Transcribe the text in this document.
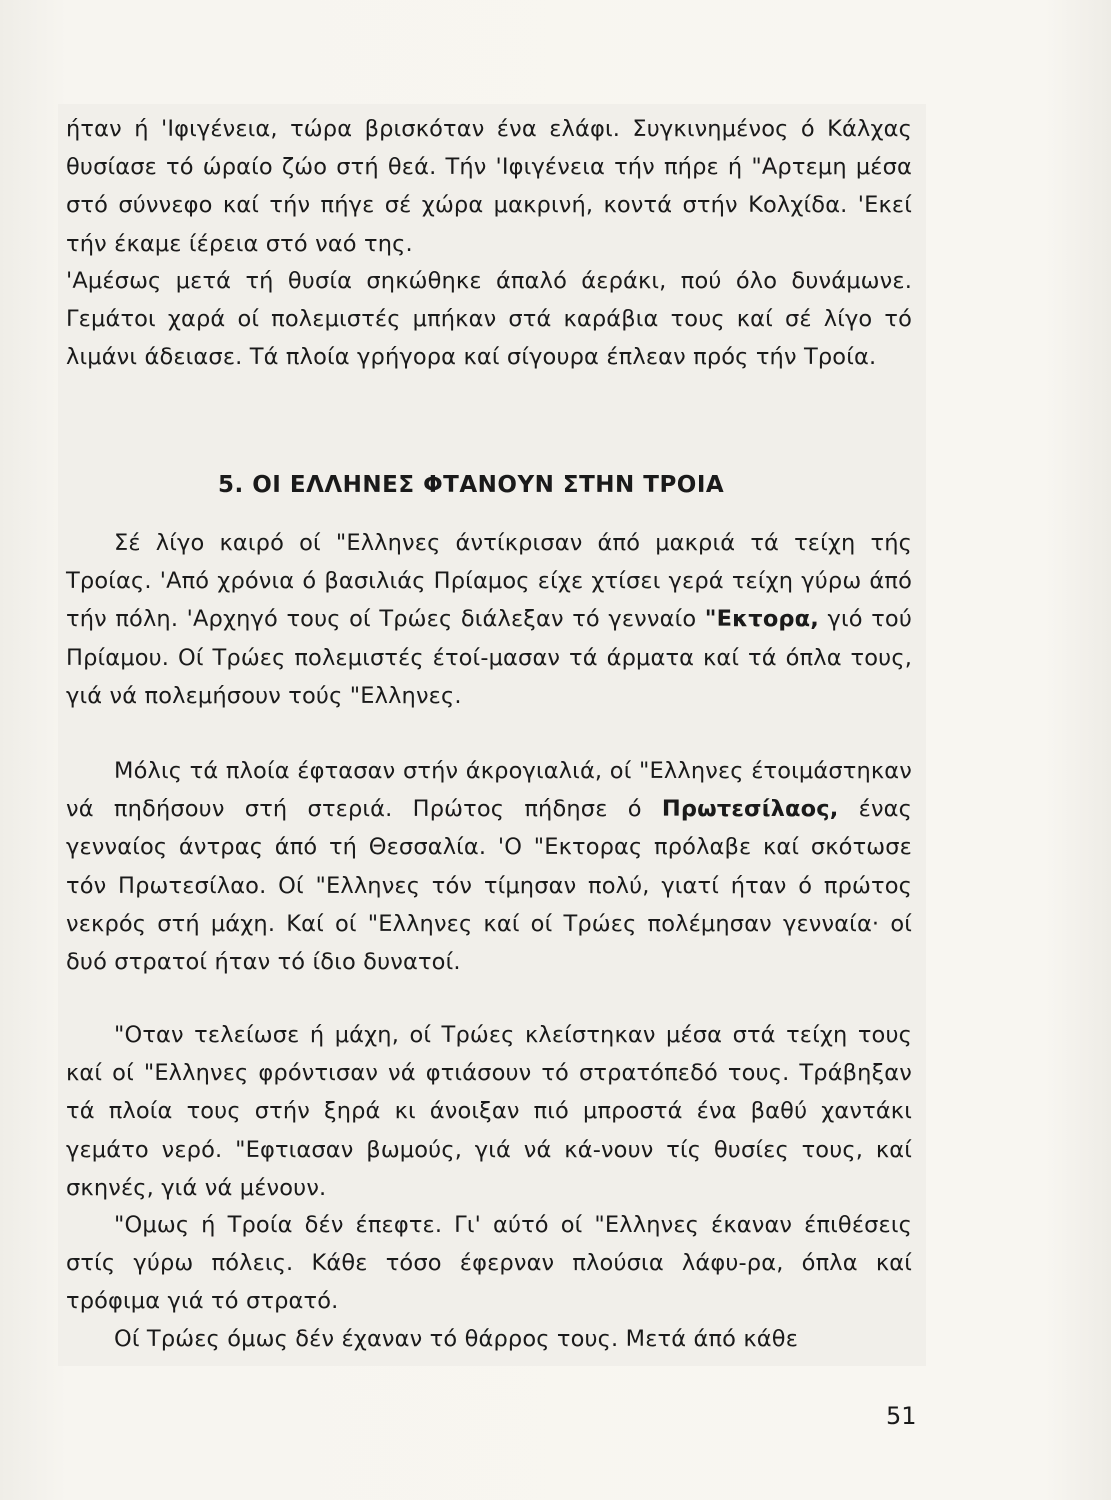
ήταν ή 'Ιφιγένεια, τώρα βρισκόταν ένα ελάφι. Συγκινημένος ό Κάλχας θυσίασε τό ώραίο ζώο στή θεά. Τήν 'Ιφιγένεια τήν πήρε ή "Αρτεμη μέσα στό σύννεφο καί τήν πήγε σέ χώρα μακρινή, κοντά στήν Κολχίδα. 'Εκεί τήν έκαμε ίέρεια στό ναό της.

'Αμέσως μετά τή θυσία σηκώθηκε άπαλό άεράκι, πού όλο δυνάμωνε. Γεμάτοι χαρά οί πολεμιστές μπήκαν στά καράβια τους καί σέ λίγο τό λιμάνι άδειασε. Τά πλοία γρήγορα καί σίγουρα έπλεαν πρός τήν Τροία.

5. ΟΙ ΕΛΛΗΝΕΣ ΦΤΑΝΟΥΝ ΣΤΗΝ ΤΡΟΙΑ

Σέ λίγο καιρό οί "Ελληνες άντίκρισαν άπό μακριά τά τείχη τής Τροίας. 'Από χρόνια ό βασιλιάς Πρίαμος είχε χτίσει γερά τείχη γύρω άπό τήν πόλη. 'Αρχηγό τους οί Τρώες διάλεξαν τό γενναίο "Εκτορα, γιό τού Πρίαμου. Οί Τρώες πολεμιστές έτοί-μασαν τά άρματα καί τά όπλα τους, γιά νά πολεμήσουν τούς "Ελληνες.

Μόλις τά πλοία έφτασαν στήν άκρογιαλιά, οί "Ελληνες έτοιμάστηκαν νά πηδήσουν στή στεριά. Πρώτος πήδησε ό Πρωτεσίλαος, ένας γενναίος άντρας άπό τή Θεσσαλία. 'Ο "Εκτορας πρόλαβε καί σκότωσε τόν Πρωτεσίλαο. Οί "Ελληνες τόν τίμησαν πολύ, γιατί ήταν ό πρώτος νεκρός στή μάχη. Καί οί "Ελληνες καί οί Τρώες πολέμησαν γενναία· οί δυό στρατοί ήταν τό ίδιο δυνατοί.

"Οταν τελείωσε ή μάχη, οί Τρώες κλείστηκαν μέσα στά τείχη τους καί οί "Ελληνες φρόντισαν νά φτιάσουν τό στρατόπεδό τους. Τράβηξαν τά πλοία τους στήν ξηρά κι άνοιξαν πιό μπροστά ένα βαθύ χαντάκι γεμάτο νερό. "Εφτιασαν βωμούς, γιά νά κά-νουν τίς θυσίες τους, καί σκηνές, γιά νά μένουν.

"Ομως ή Τροία δέν έπεφτε. Γι' αύτό οί "Ελληνες έκαναν έπιθέσεις στίς γύρω πόλεις. Κάθε τόσο έφερναν πλούσια λάφυ-ρα, όπλα καί τρόφιμα γιά τό στρατό.

Οί Τρώες όμως δέν έχαναν τό θάρρος τους. Μετά άπό κάθε

51
